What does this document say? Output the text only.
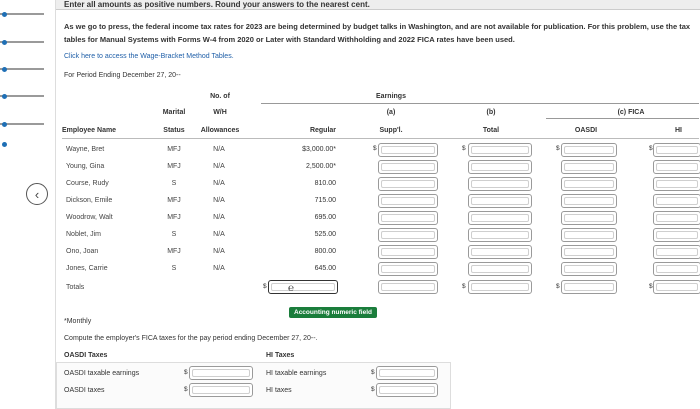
‹
Enter all amounts as positive numbers. Round your answers to the nearest cent.
As we go to press, the federal income tax rates for 2023 are being determined by budget talks in Washington, and are not available for publication. For this problem, use the tax tables for Manual Systems with Forms W-4 from 2020 or Later with Standard Withholding and 2022 FICA rates have been used.
Click here to access the Wage-Bracket Method Tables.
For Period Ending December 27, 20--
No. of
Marital	W/H
Earnings
(a)	(b)	(c) FICA
Employee Name	Status	Allowances	Regular	Supp'l.	Total	OASDI	HI
Wayne, Bret	MFJ	N/A	$3,000.00*	$	$	$	$
Young, Gina	MFJ	N/A	2,500.00*
Course, Rudy	S	N/A	810.00
Dickson, Emile	MFJ	N/A	715.00
Woodrow, Walt	MFJ	N/A	695.00
Noblet, Jim	S	N/A	525.00
Ono, Joan	MFJ	N/A	800.00
Jones, Carrie	S	N/A	645.00
Totals	$ ℮	$	$	$
Accounting numeric field
*Monthly
Compute the employer's FICA taxes for the pay period ending December 27, 20--.
OASDI Taxes	HI Taxes
OASDI taxable earnings	$	HI taxable earnings	$
OASDI taxes	$	HI taxes	$
